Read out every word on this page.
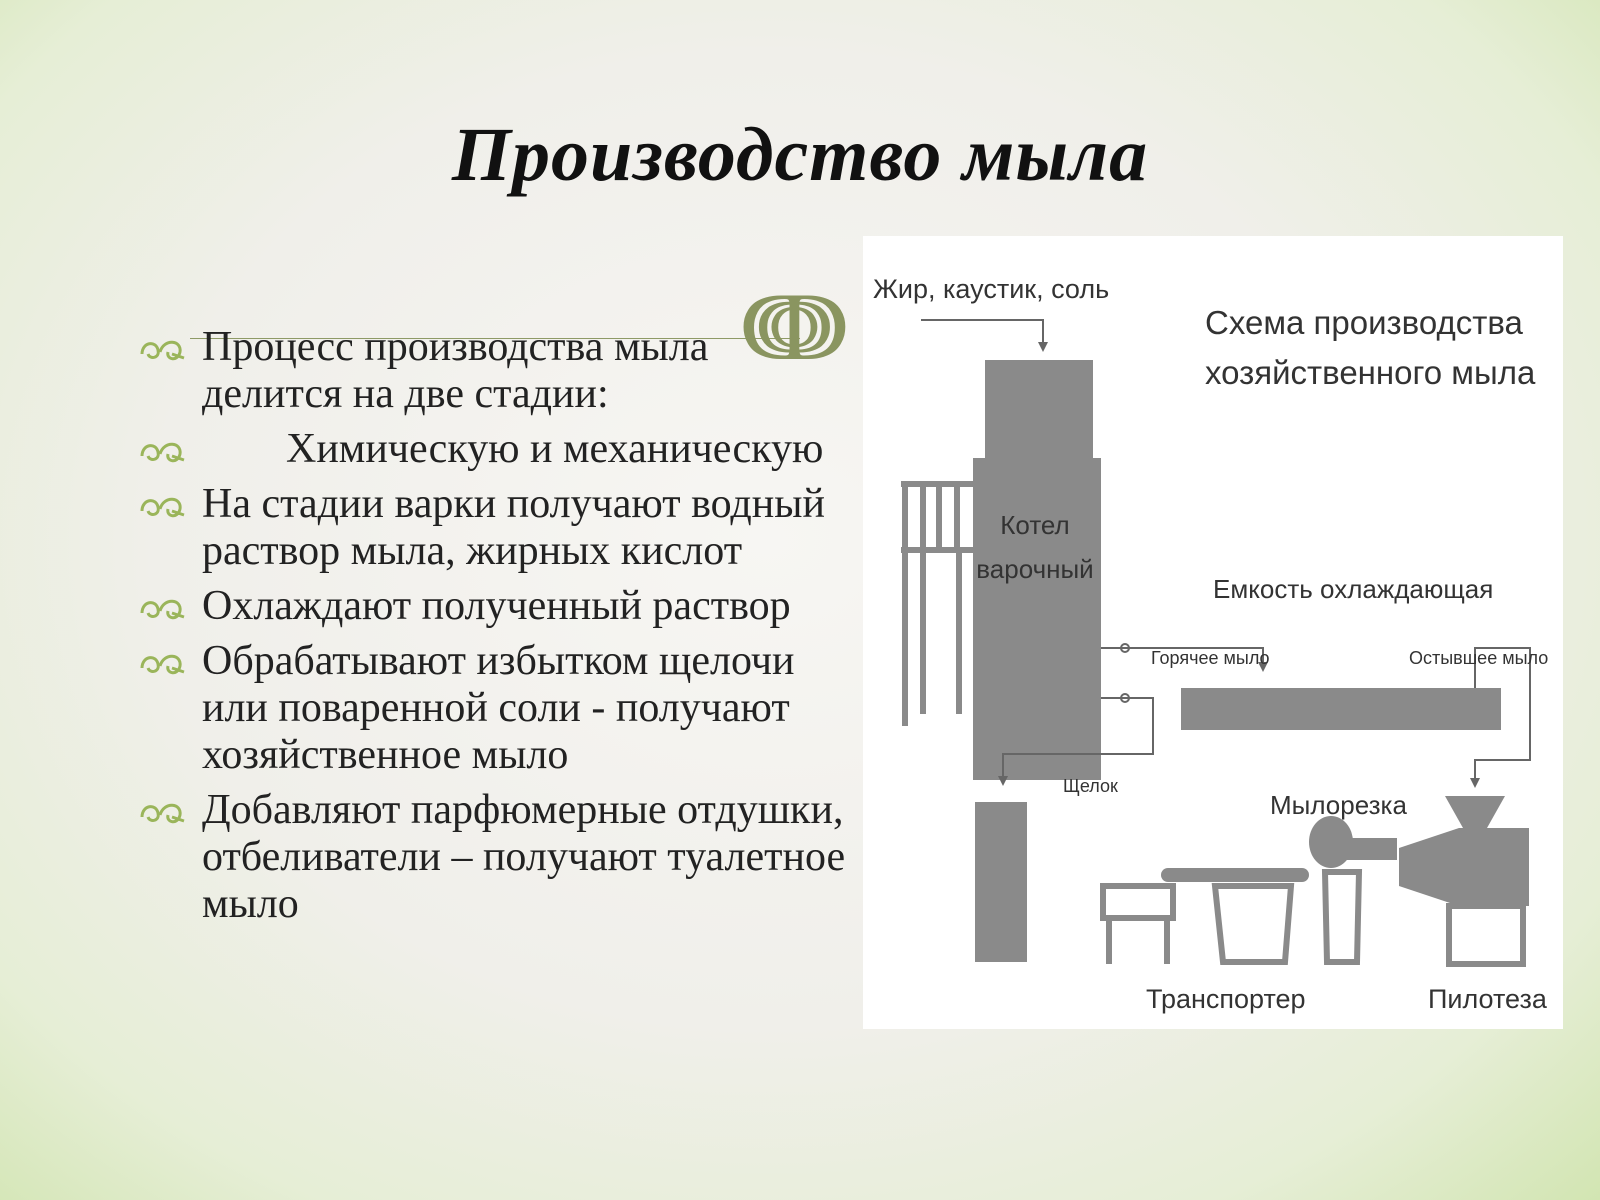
Производство мыла
ↈ
Процесс производства мыла делится на две стадии:
Химическую и механическую
На стадии варки получают водный раствор мыла, жирных кислот
Охлаждают полученный раствор
Обрабатывают избытком щелочи или поваренной соли - получают хозяйственное мыло
Добавляют парфюмерные отдушки, отбеливатели – получают туалетное мыло
Жир, каустик, соль
Схема производства
хозяйственного мыла
Котел
варочный
Емкость охлаждающая
Горячее мыло	Остывшее мыло
Щелок
Мылорезка
Транспортер	Пилотеза
